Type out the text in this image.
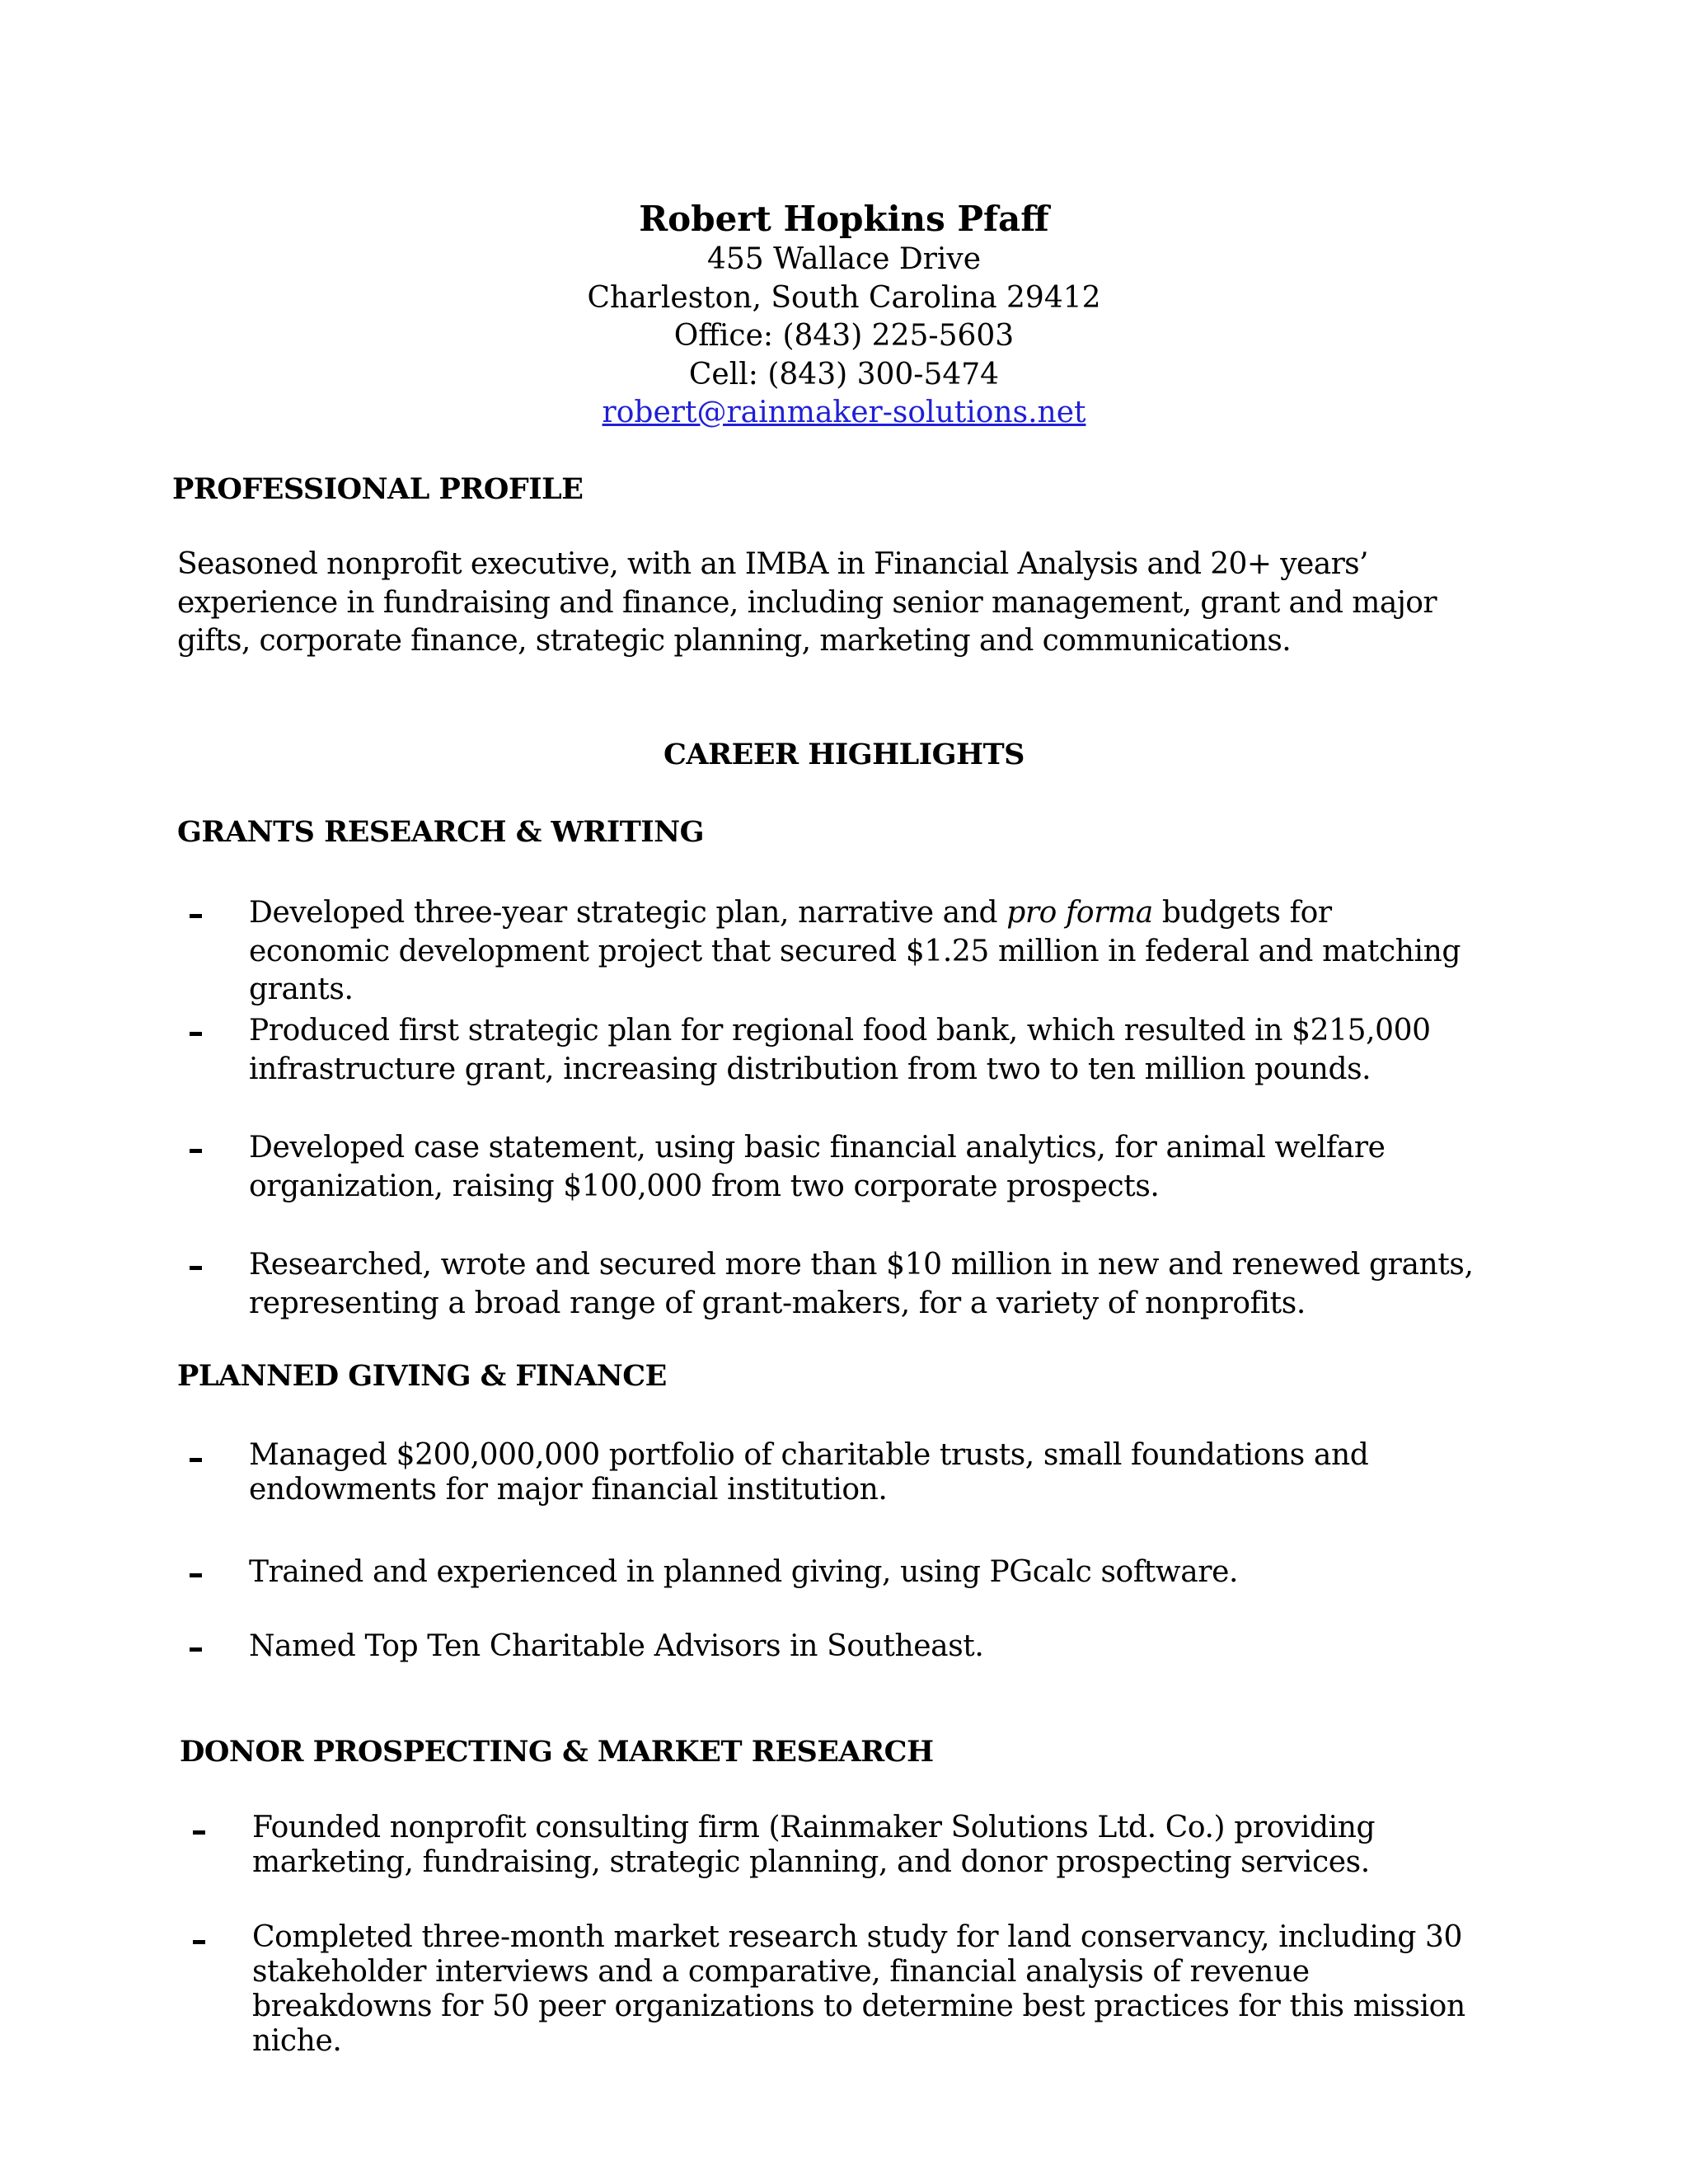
Robert Hopkins Pfaff

455 Wallace Drive

Charleston, South Carolina 29412

Office: (843) 225-5603

Cell: (843) 300-5474

robert@rainmaker-solutions.net

PROFESSIONAL PROFILE

Seasoned nonprofit executive, with an IMBA in Financial Analysis and 20+ years’ experience in fundraising and finance, including senior management, grant and major gifts, corporate finance, strategic planning, marketing and communications.

CAREER HIGHLIGHTS

GRANTS RESEARCH & WRITING

Developed three-year strategic plan, narrative and pro forma budgets for economic development project that secured $1.25 million in federal and matching grants.
Produced first strategic plan for regional food bank, which resulted in $215,000 infrastructure grant, increasing distribution from two to ten million pounds.
Developed case statement, using basic financial analytics, for animal welfare organization, raising $100,000 from two corporate prospects.
Researched, wrote and secured more than $10 million in new and renewed grants, representing a broad range of grant-makers, for a variety of nonprofits.

PLANNED GIVING & FINANCE

Managed $200,000,000 portfolio of charitable trusts, small foundations and endowments for major financial institution.
Trained and experienced in planned giving, using PGcalc software.
Named Top Ten Charitable Advisors in Southeast.

DONOR PROSPECTING & MARKET RESEARCH

Founded nonprofit consulting firm (Rainmaker Solutions Ltd. Co.) providing marketing, fundraising, strategic planning, and donor prospecting services.
Completed three-month market research study for land conservancy, including 30 stakeholder interviews and a comparative, financial analysis of revenue breakdowns for 50 peer organizations to determine best practices for this mission niche.
